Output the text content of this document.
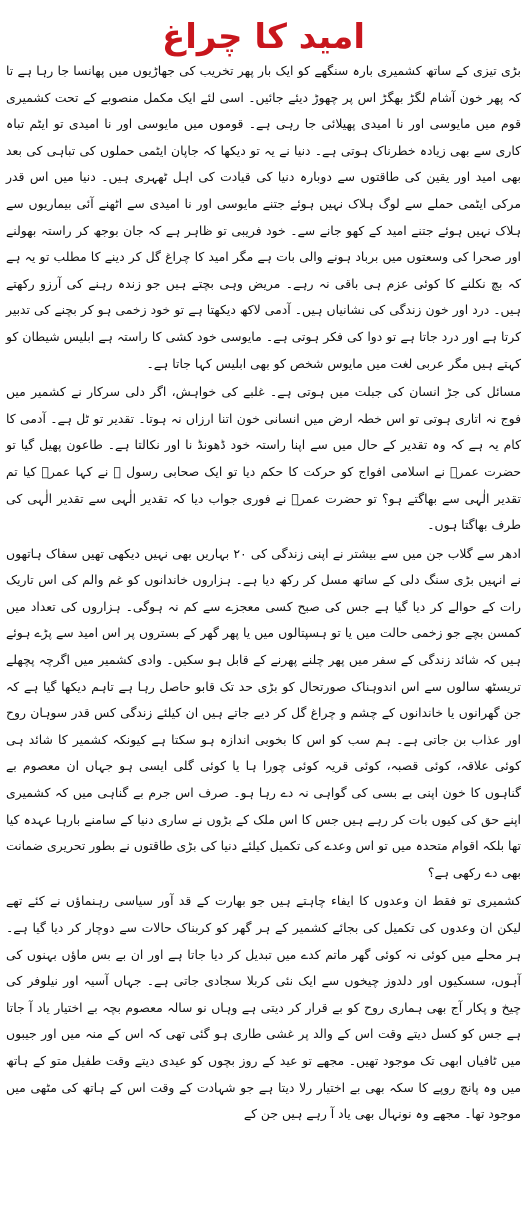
امید کا چراغ

بڑی تیزی کے ساتھ کشمیری بارہ سنگھے کو ایک بار پھر تخریب کی جھاڑیوں میں پھانسا جا رہا ہے تا کہ پھر خون آشام لگڑ بھگڑ اس پر چھوڑ دیئے جائیں۔ اسی لئے ایک مکمل منصوبے کے تحت کشمیری قوم میں مایوسی اور نا امیدی پھیلائی جا رہی ہے۔ قوموں میں مایوسی اور نا امیدی تو ایٹم تباہ کاری سے بھی زیادہ خطرناک ہوتی ہے۔ دنیا نے یہ تو دیکھا کہ جاپان ایٹمی حملوں کی تباہی کی بعد بھی امید اور یقین کی طاقتوں سے دوبارہ دنیا کی قیادت کی اہل ٹھہری ہیں۔ دنیا میں اس قدر مرکی ایٹمی حملے سے لوگ ہلاک نہیں ہوئے جتنے مایوسی اور نا امیدی سے اٹھنے آئی بیماریوں سے ہلاک نہیں ہوئے جتنے امید کے کھو جانے سے۔ خود فریبی تو ظاہر ہے کہ جان بوجھ کر راستہ بھولنے اور صحرا کی وسعتوں میں برباد ہونے والی بات ہے مگر امید کا چراغ گل کر دینے کا مطلب تو یہ ہے کہ بچ نکلنے کا کوئی عزم ہی باقی نہ رہے۔ مریض وہی بچتے ہیں جو زندہ رہنے کی آرزو رکھتے ہیں۔ درد اور خون زندگی کی نشانیاں ہیں۔ آدمی لاکھ دیکھتا ہے تو خود زخمی ہو کر بچنے کی تدبیر کرتا ہے اور درد جاتا ہے تو دوا کی فکر ہوتی ہے۔ مایوسی خود کشی کا راستہ ہے ابلیس شیطان کو کہتے ہیں مگر عربی لغت میں مایوس شخص کو بھی ابلیس کہا جاتا ہے۔

مسائل کی جڑ انسان کی جبلت میں ہوتی ہے۔ غلبے کی خواہش، اگر دلی سرکار نے کشمیر میں فوج نہ اتاری ہوتی تو اس خطہ ارض میں انسانی خون اتنا ارزاں نہ ہوتا۔ تقدیر تو ٹل ہے۔ آدمی کا کام یہ ہے کہ وہ تقدیر کے حال میں سے اپنا راستہ خود ڈھونڈ نا اور نکالتا ہے۔ طاعون پھیل گیا تو حضرت عمرؓ نے اسلامی افواج کو حرکت کا حکم دیا تو ایک صحابی رسول ﷺ نے کہا عمرؓ کیا تم تقدیر الٰہی سے بھاگتے ہو؟ تو حضرت عمرؓ نے فوری جواب دیا کہ تقدیر الٰہی سے تقدیر الٰہی کی طرف بھاگتا ہوں۔

ادھر سے گلاب جن میں سے بیشتر نے اپنی زندگی کی ۲۰ بہاریں بھی نہیں دیکھی تھیں سفاک ہاتھوں نے انہیں بڑی سنگ دلی کے ساتھ مسل کر رکھ دیا ہے۔ ہزاروں خاندانوں کو غم والم کی اس تاریک رات کے حوالے کر دیا گیا ہے جس کی صبح کسی معجزے سے کم نہ ہوگی۔ ہزاروں کی تعداد میں کمسن بچے جو زخمی حالت میں یا تو ہسپتالوں میں یا پھر گھر کے بستروں پر اس امید سے پڑے ہوئے ہیں کہ شائد زندگی کے سفر میں پھر چلنے پھرنے کے قابل ہو سکیں۔ وادی کشمیر میں اگرچہ پچھلے تریسٹھ سالوں سے اس اندوہناک صورتحال کو بڑی حد تک قابو حاصل رہا ہے تاہم دیکھا گیا ہے کہ جن گھرانوں یا خاندانوں کے چشم و چراغ گل کر دیے جاتے ہیں ان کیلئے زندگی کس قدر سوہان روح اور عذاب بن جاتی ہے۔ ہم سب کو اس کا بخوبی اندازہ ہو سکتا ہے کیونکہ کشمیر کا شائد ہی کوئی علاقہ، کوئی قصبہ، کوئی قریہ کوئی چورا ہا یا کوئی گلی ایسی ہو جہاں ان معصوم بے گناہوں کا خون اپنی بے بسی کی گواہی نہ دے رہا ہو۔ صرف اس جرم بے گناہی میں کہ کشمیری اپنے حق کی کیوں بات کر رہے ہیں جس کا اس ملک کے بڑوں نے ساری دنیا کے سامنے بارہا عہدہ کیا تھا بلکہ اقوام متحدہ میں تو اس وعدے کی تکمیل کیلئے دنیا کی بڑی طاقتوں نے بطور تحریری ضمانت بھی دے رکھی ہے؟

کشمیری تو فقط ان وعدوں کا ایفاء چاہتے ہیں جو بھارت کے قد آور سیاسی رہنماؤں نے کئے تھے لیکن ان وعدوں کی تکمیل کی بجائے کشمیر کے ہر گھر کو کربناک حالات سے دوچار کر دیا گیا ہے۔ ہر محلے میں کوئی نہ کوئی گھر ماتم کدے میں تبدیل کر دیا جاتا ہے اور ان بے بس ماؤں بہنوں کی آہوں، سسکیوں اور دلدوز چیخوں سے ایک نئی کربلا سجادی جاتی ہے۔ جہاں آسیہ اور نیلوفر کی چیخ و پکار آج بھی ہماری روح کو بے قرار کر دیتی ہے وہاں نو سالہ معصوم بچہ بے اختیار یاد آ جاتا ہے جس کو کسل دیتے وقت اس کے والد پر غشی طاری ہو گئی تھی کہ اس کے منہ میں اور جیبوں میں ٹافیاں ابھی تک موجود تھیں۔ مجھے تو عید کے روز بچوں کو عیدی دیتے وقت طفیل متو کے ہاتھ میں وہ پانچ روپے کا سکہ بھی بے اختیار رلا دیتا ہے جو شہادت کے وقت اس کے ہاتھ کی مٹھی میں موجود تھا۔ مجھے وہ نونہال بھی یاد آ رہے ہیں جن کے
